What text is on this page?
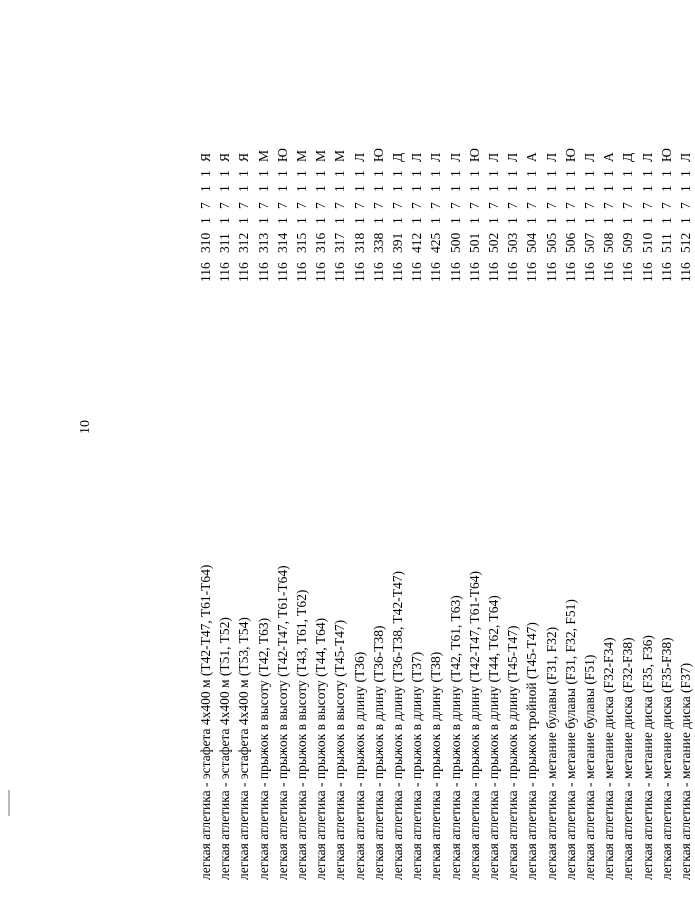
10
легкая атлетика - эстафета 4x400 м (T42-T47, T61-T64)
116
310
1
7
1
1
Я
легкая атлетика - эстафета 4x400 м (T51, T52)
116
311
1
7
1
1
Я
легкая атлетика - эстафета 4x400 м (T53, T54)
116
312
1
7
1
1
Я
легкая атлетика - прыжок в высоту (T42, T63)
116
313
1
7
1
1
М
легкая атлетика - прыжок в высоту (T42-T47, T61-T64)
116
314
1
7
1
1
Ю
легкая атлетика - прыжок в высоту (T43, T61, T62)
116
315
1
7
1
1
М
легкая атлетика - прыжок в высоту (T44, T64)
116
316
1
7
1
1
М
легкая атлетика - прыжок в высоту (T45-T47)
116
317
1
7
1
1
М
легкая атлетика - прыжок в длину (T36)
116
318
1
7
1
1
Л
легкая атлетика - прыжок в длину (T36-T38)
116
338
1
7
1
1
Ю
легкая атлетика - прыжок в длину (T36-T38, T42-T47)
116
391
1
7
1
1
Д
легкая атлетика - прыжок в длину (T37)
116
412
1
7
1
1
Л
легкая атлетика - прыжок в длину (T38)
116
425
1
7
1
1
Л
легкая атлетика - прыжок в длину (T42, T61, T63)
116
500
1
7
1
1
Л
легкая атлетика - прыжок в длину (T42-T47, T61-T64)
116
501
1
7
1
1
Ю
легкая атлетика - прыжок в длину (T44, T62, T64)
116
502
1
7
1
1
Л
легкая атлетика - прыжок в длину (T45-T47)
116
503
1
7
1
1
Л
легкая атлетика - прыжок тройной (T45-T47)
116
504
1
7
1
1
А
легкая атлетика - метание булавы (F31, F32)
116
505
1
7
1
1
Л
легкая атлетика - метание булавы (F31, F32, F51)
116
506
1
7
1
1
Ю
легкая атлетика - метание булавы (F51)
116
507
1
7
1
1
Л
легкая атлетика - метание диска (F32-F34)
116
508
1
7
1
1
А
легкая атлетика - метание диска (F32-F38)
116
509
1
7
1
1
Д
легкая атлетика - метание диска (F35, F36)
116
510
1
7
1
1
Л
легкая атлетика - метание диска (F35-F38)
116
511
1
7
1
1
Ю
легкая атлетика - метание диска (F37)
116
512
1
7
1
1
Л
